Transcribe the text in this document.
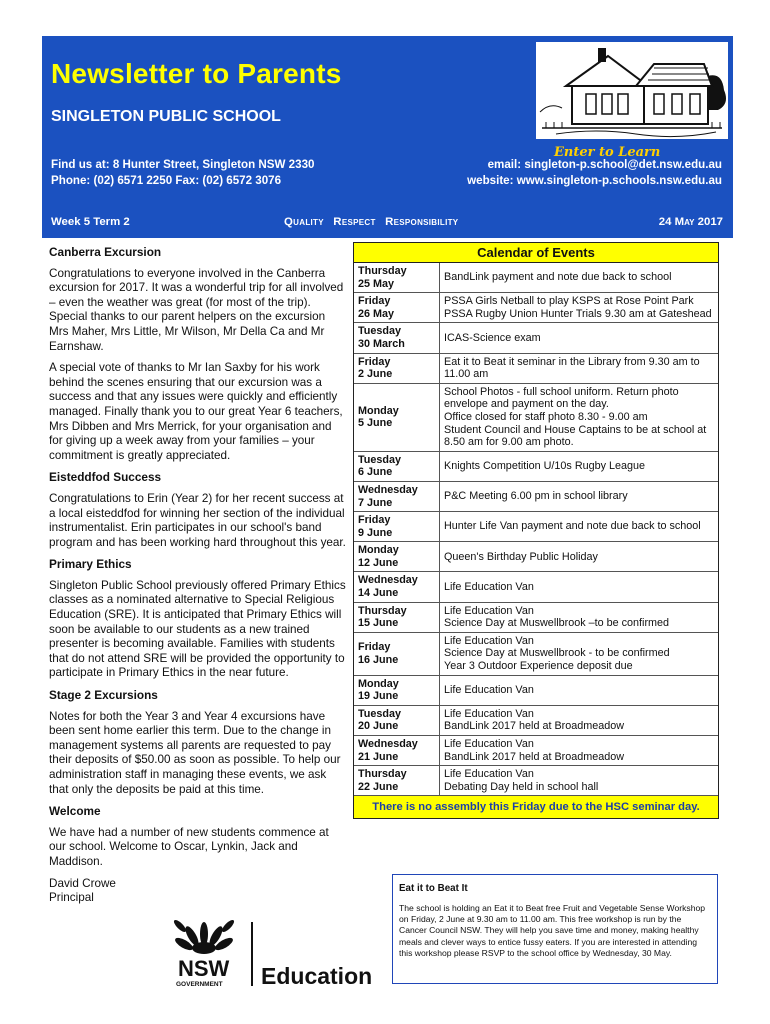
Newsletter to Parents
SINGLETON PUBLIC SCHOOL
Enter to Learn
Find us at: 8 Hunter Street, Singleton NSW 2330
Phone: (02) 6571 2250 Fax: (02) 6572 3076
email: singleton-p.school@det.nsw.edu.au
website: www.singleton-p.schools.nsw.edu.au
Week 5 Term 2	Quality Respect Responsibility	24 May 2017
Canberra Excursion

Congratulations to everyone involved in the Canberra excursion for 2017. It was a wonderful trip for all involved – even the weather was great (for most of the trip). Special thanks to our parent helpers on the excursion Mrs Maher, Mrs Little, Mr Wilson, Mr Della Ca and Mr Earnshaw.

A special vote of thanks to Mr Ian Saxby for his work behind the scenes ensuring that our excursion was a success and that any issues were quickly and efficiently managed. Finally thank you to our great Year 6 teachers, Mrs Dibben and Mrs Merrick, for your organisation and for giving up a week away from your families – your commitment is greatly appreciated.

Eisteddfod Success

Congratulations to Erin (Year 2) for her recent success at a local eisteddfod for winning her section of the individual instrumentalist. Erin participates in our school's band program and has been working hard throughout this year.

Primary Ethics

Singleton Public School previously offered Primary Ethics classes as a nominated alternative to Special Religious Education (SRE). It is anticipated that Primary Ethics will soon be available to our students as a new trained presenter is becoming available. Families with students that do not attend SRE will be provided the opportunity to participate in Primary Ethics in the near future.

Stage 2 Excursions

Notes for both the Year 3 and Year 4 excursions have been sent home earlier this term. Due to the change in management systems all parents are requested to pay their deposits of $50.00 as soon as possible. To help our administration staff in managing these events, we ask that only the deposits be paid at this time.

Welcome

We have had a number of new students commence at our school. Welcome to Oscar, Lynkin, Jack and Maddison.

David Crowe
Principal
Calendar of Events
Thursday
25 May
BandLink payment and note due back to school
Friday
26 May
PSSA Girls Netball to play KSPS at Rose Point Park
PSSA Rugby Union Hunter Trials 9.30 am at Gateshead
Tuesday
30 March
ICAS-Science exam
Friday
2 June
Eat it to Beat it seminar in the Library from 9.30 am to 11.00 am
Monday
5 June
School Photos - full school uniform. Return photo envelope and payment on the day.
Office closed for staff photo 8.30 - 9.00 am
Student Council and House Captains to be at school at 8.50 am for 9.00 am photo.
Tuesday
6 June
Knights Competition U/10s Rugby League
Wednesday
7 June
P&C Meeting 6.00 pm in school library
Friday
9 June
Hunter Life Van payment and note due back to school
Monday
12 June
Queen's Birthday Public Holiday
Wednesday
14 June
Life Education Van
Thursday
15 June
Life Education Van
Science Day at Muswellbrook –to be confirmed
Friday
16 June
Life Education Van
Science Day at Muswellbrook - to be confirmed
Year 3 Outdoor Experience deposit due
Monday
19 June
Life Education Van
Tuesday
20 June
Life Education Van
BandLink 2017 held at Broadmeadow
Wednesday
21 June
Life Education Van
BandLink 2017 held at Broadmeadow
Thursday
22 June
Life Education Van
Debating Day held in school hall
There is no assembly this Friday due to the HSC seminar day.
Eat it to Beat It
The school is holding an Eat it to Beat free Fruit and Vegetable Sense Workshop on Friday, 2 June at 9.30 am to 11.00 am. This free workshop is run by the Cancer Council NSW. They will help you save time and money, making healthy meals and clever ways to entice fussy eaters. If you are interested in attending this workshop please RSVP to the school office by Wednesday, 30 May.
NSW
GOVERNMENT Education
